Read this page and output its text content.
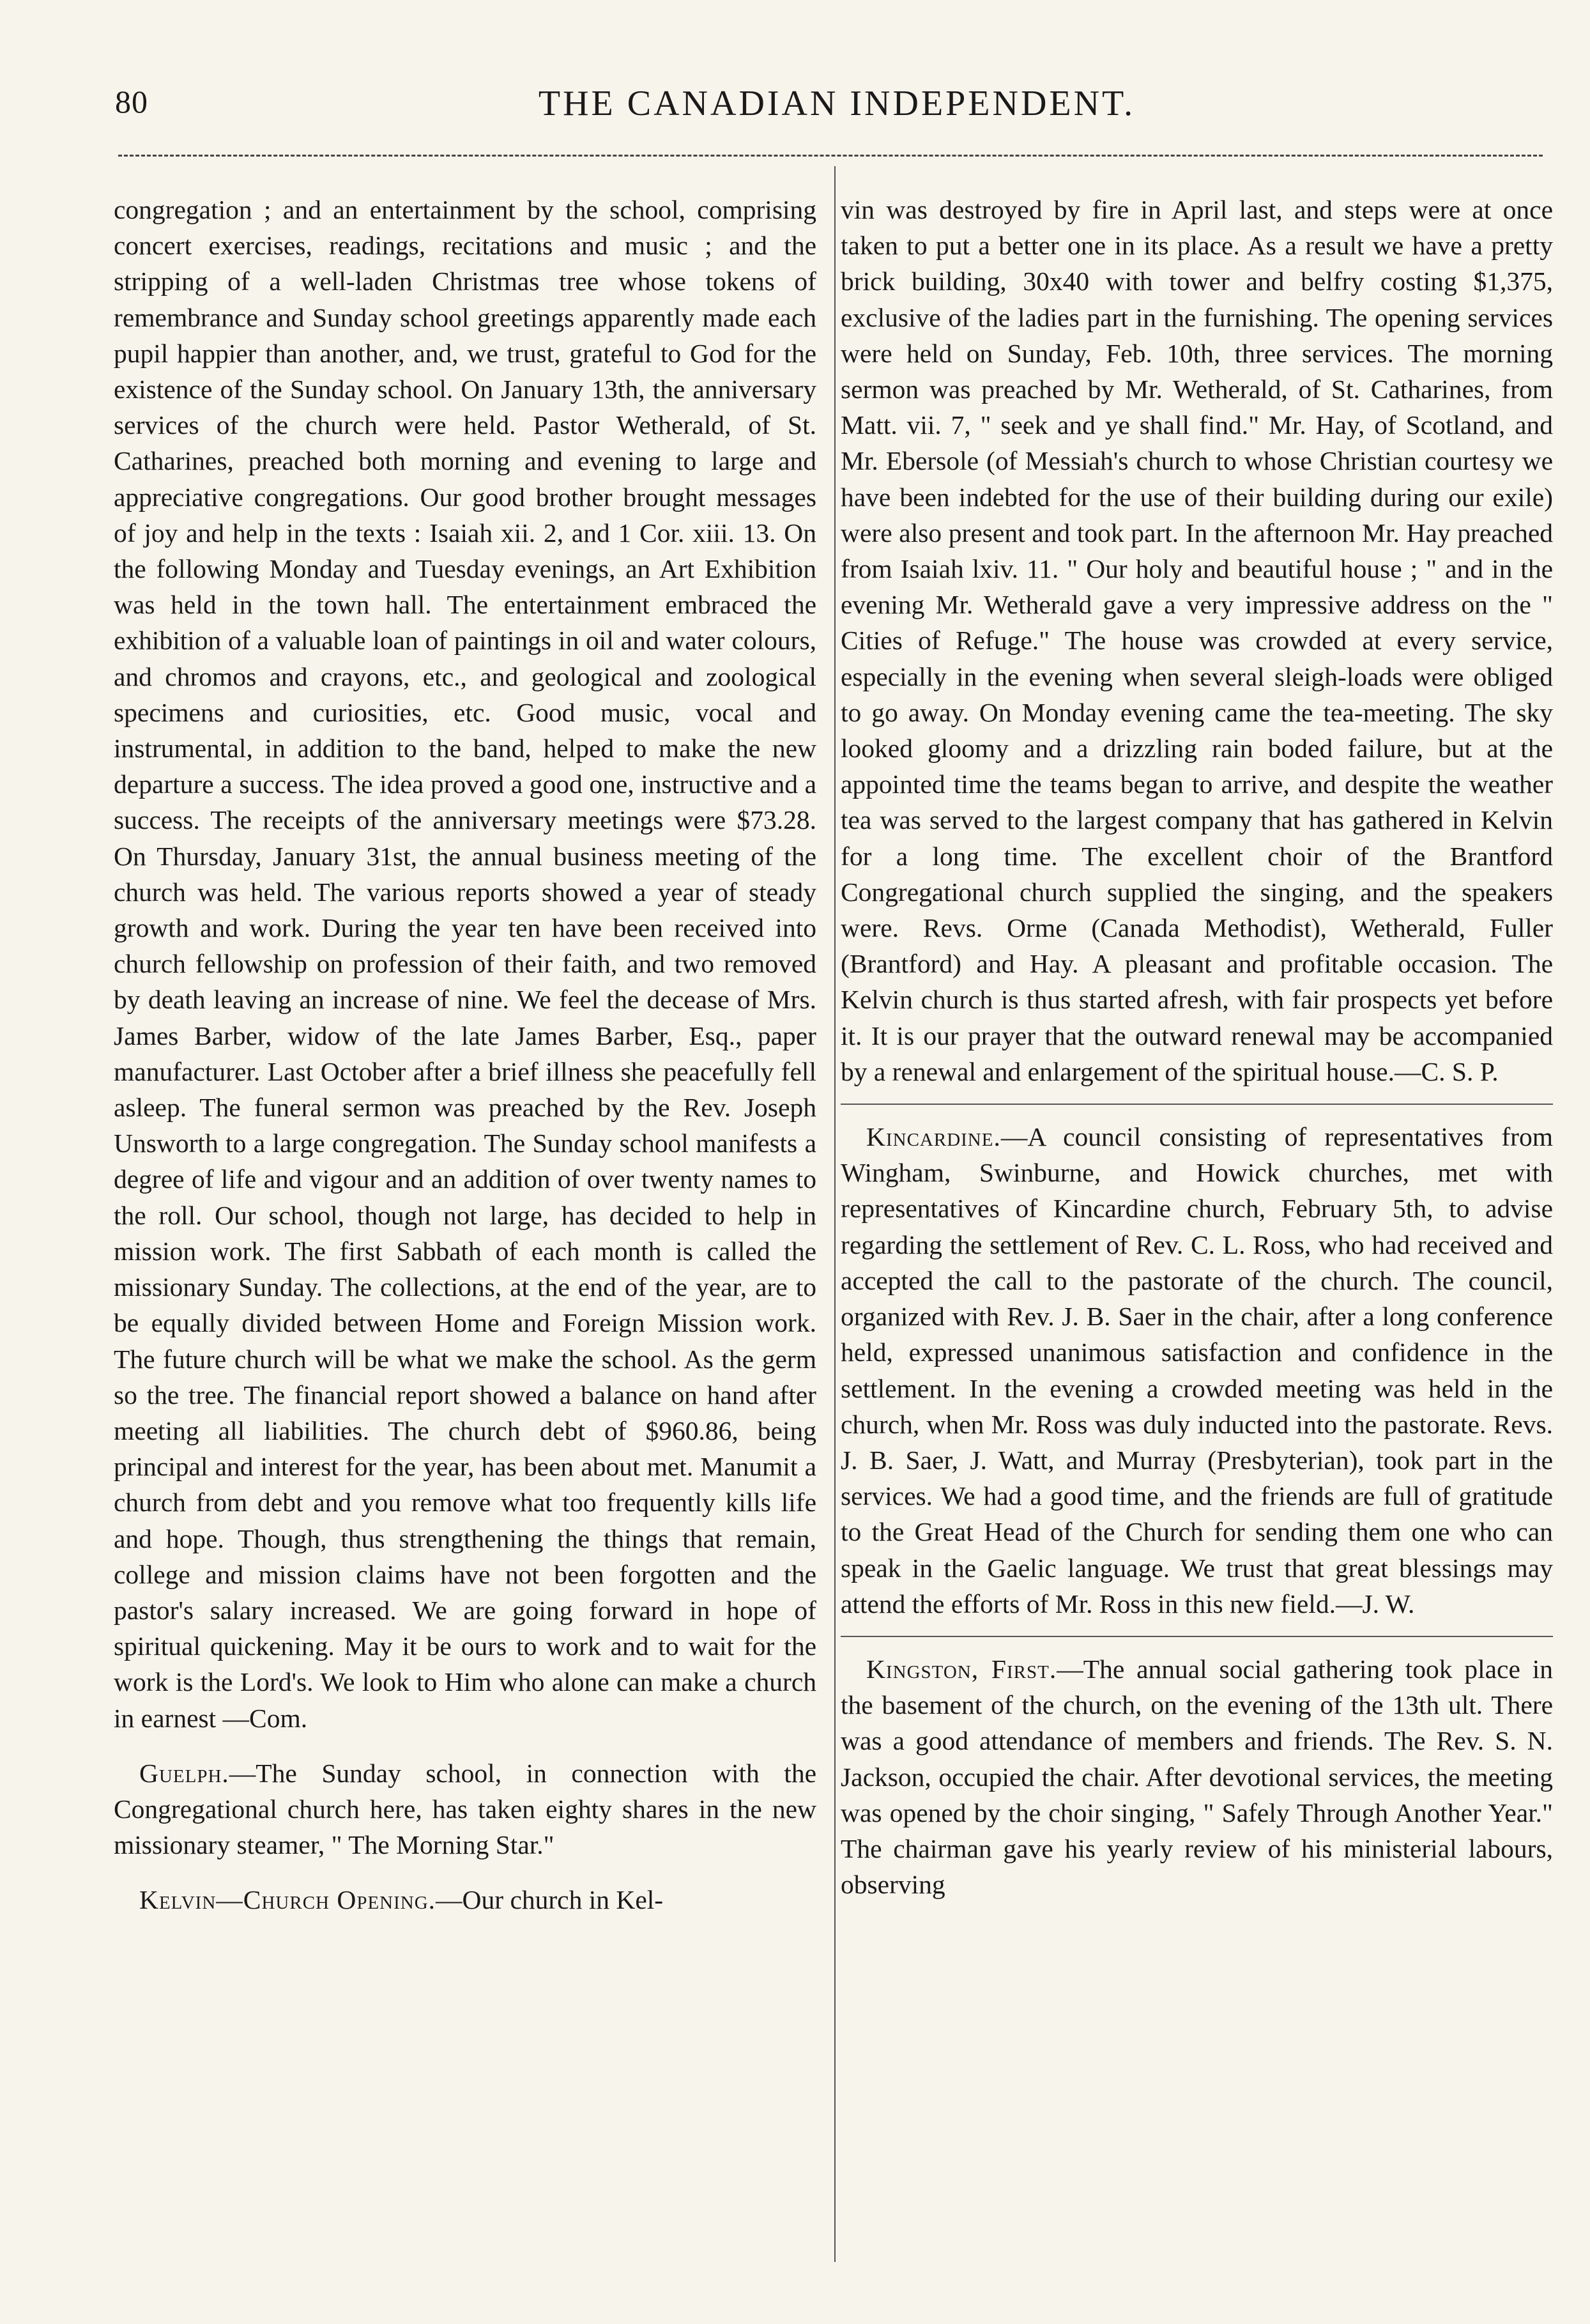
80	THE CANADIAN INDEPENDENT.

congregation ; and an entertainment by the school, comprising concert exercises, readings, recitations and music ; and the stripping of a well-laden Christmas tree whose tokens of remembrance and Sunday school greetings apparently made each pupil happier than another, and, we trust, grateful to God for the existence of the Sunday school. On January 13th, the anniversary services of the church were held. Pastor Wetherald, of St. Catharines, preached both morning and evening to large and appreciative congregations. Our good brother brought messages of joy and help in the texts : Isaiah xii. 2, and 1 Cor. xiii. 13. On the following Monday and Tuesday evenings, an Art Exhibition was held in the town hall. The entertainment embraced the exhibition of a valuable loan of paintings in oil and water colours, and chromos and crayons, etc., and geological and zoological specimens and curiosities, etc. Good music, vocal and instrumental, in addition to the band, helped to make the new departure a success. The idea proved a good one, instructive and a success. The receipts of the anniversary meetings were $73.28. On Thursday, January 31st, the annual business meeting of the church was held. The various reports showed a year of steady growth and work. During the year ten have been received into church fellowship on profession of their faith, and two removed by death leaving an increase of nine. We feel the decease of Mrs. James Barber, widow of the late James Barber, Esq., paper manufacturer. Last October after a brief illness she peacefully fell asleep. The funeral sermon was preached by the Rev. Joseph Unsworth to a large congregation. The Sunday school manifests a degree of life and vigour and an addition of over twenty names to the roll. Our school, though not large, has decided to help in mission work. The first Sabbath of each month is called the missionary Sunday. The collections, at the end of the year, are to be equally divided between Home and Foreign Mission work. The future church will be what we make the school. As the germ so the tree. The financial report showed a balance on hand after meeting all liabilities. The church debt of $960.86, being principal and interest for the year, has been about met. Manumit a church from debt and you remove what too frequently kills life and hope. Though, thus strengthening the things that remain, college and mission claims have not been forgotten and the pastor's salary increased. We are going forward in hope of spiritual quickening. May it be ours to work and to wait for the work is the Lord's. We look to Him who alone can make a church in earnest —Com.

Guelph.—The Sunday school, in connection with the Congregational church here, has taken eighty shares in the new missionary steamer, " The Morning Star."

Kelvin—Church Opening.—Our church in Kel-

vin was destroyed by fire in April last, and steps were at once taken to put a better one in its place. As a result we have a pretty brick building, 30x40 with tower and belfry costing $1,375, exclusive of the ladies part in the furnishing. The opening services were held on Sunday, Feb. 10th, three services. The morning sermon was preached by Mr. Wetherald, of St. Catharines, from Matt. vii. 7, " seek and ye shall find." Mr. Hay, of Scotland, and Mr. Ebersole (of Messiah's church to whose Christian courtesy we have been indebted for the use of their building during our exile) were also present and took part. In the afternoon Mr. Hay preached from Isaiah lxiv. 11. " Our holy and beautiful house ; " and in the evening Mr. Wetherald gave a very impressive address on the " Cities of Refuge." The house was crowded at every service, especially in the evening when several sleigh-loads were obliged to go away. On Monday evening came the tea-meeting. The sky looked gloomy and a drizzling rain boded failure, but at the appointed time the teams began to arrive, and despite the weather tea was served to the largest company that has gathered in Kelvin for a long time. The excellent choir of the Brantford Congregational church supplied the singing, and the speakers were. Revs. Orme (Canada Methodist), Wetherald, Fuller (Brantford) and Hay. A pleasant and profitable occasion. The Kelvin church is thus started afresh, with fair prospects yet before it. It is our prayer that the outward renewal may be accompanied by a renewal and enlargement of the spiritual house.—C. S. P.

Kincardine.—A council consisting of representatives from Wingham, Swinburne, and Howick churches, met with representatives of Kincardine church, February 5th, to advise regarding the settlement of Rev. C. L. Ross, who had received and accepted the call to the pastorate of the church. The council, organized with Rev. J. B. Saer in the chair, after a long conference held, expressed unanimous satisfaction and confidence in the settlement. In the evening a crowded meeting was held in the church, when Mr. Ross was duly inducted into the pastorate. Revs. J. B. Saer, J. Watt, and Murray (Presbyterian), took part in the services. We had a good time, and the friends are full of gratitude to the Great Head of the Church for sending them one who can speak in the Gaelic language. We trust that great blessings may attend the efforts of Mr. Ross in this new field.—J. W.

Kingston, First.—The annual social gathering took place in the basement of the church, on the evening of the 13th ult. There was a good attendance of members and friends. The Rev. S. N. Jackson, occupied the chair. After devotional services, the meeting was opened by the choir singing, " Safely Through Another Year." The chairman gave his yearly review of his ministerial labours, observing
